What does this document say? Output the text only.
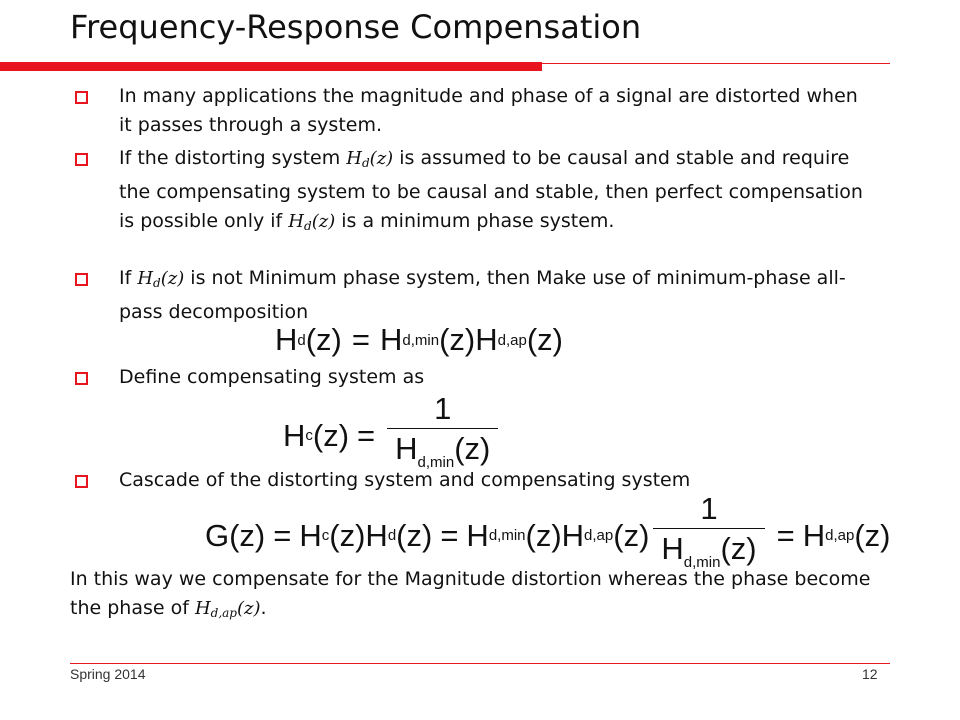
Frequency-Response Compensation
In many applications the magnitude and phase of a signal are distorted when it passes through a system.
If the distorting system $H_d(z)$ is assumed to be causal and stable and require the compensating system to be causal and stable, then perfect compensation is possible only if $H_d(z)$ is a minimum phase system.
If $H_d(z)$ is not Minimum phase system, then Make use of minimum-phase all-pass decomposition
H d (z) = H d,min (z) H d,ap (z)
Define compensating system as
H c $(z) = \frac{1}{H_{d,min}(z)}$
Cascade of the distorting system and compensating system
G(z) = H c (z) H d (z) = H d,min (z) H d,ap $(z) \frac{1}{H_{d,min}(z)} = H$ d,ap (z)
In this way we compensate for the Magnitude distortion whereas the phase become the phase of $H_{d,ap}(z)$.
Spring 2014	12
